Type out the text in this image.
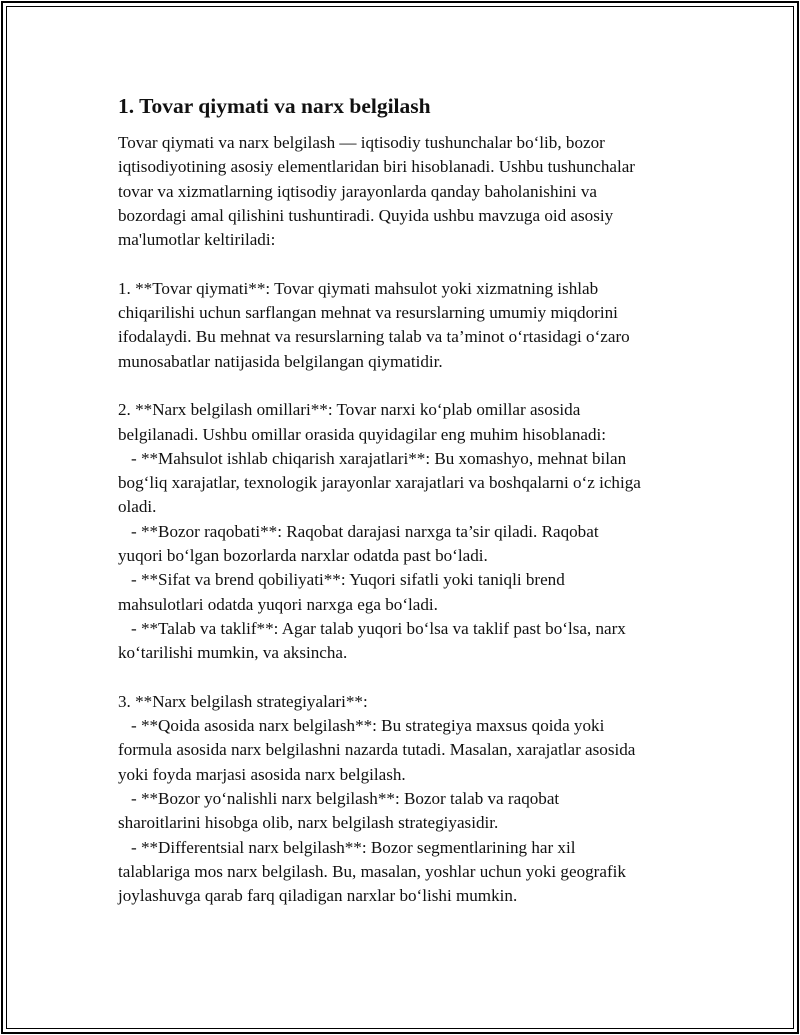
1. Tovar qiymati va narx belgilash
Tovar qiymati va narx belgilash — iqtisodiy tushunchalar bo‘lib, bozor
iqtisodiyotining asosiy elementlaridan biri hisoblanadi. Ushbu tushunchalar
tovar va xizmatlarning iqtisodiy jarayonlarda qanday baholanishini va
bozordagi amal qilishini tushuntiradi. Quyida ushbu mavzuga oid asosiy
ma'lumotlar keltiriladi:
1. **Tovar qiymati**: Tovar qiymati mahsulot yoki xizmatning ishlab
chiqarilishi uchun sarflangan mehnat va resurslarning umumiy miqdorini
ifodalaydi. Bu mehnat va resurslarning talab va ta’minot o‘rtasidagi o‘zaro
munosabatlar natijasida belgilangan qiymatidir.
2. **Narx belgilash omillari**: Tovar narxi ko‘plab omillar asosida
belgilanadi. Ushbu omillar orasida quyidagilar eng muhim hisoblanadi:
- **Mahsulot ishlab chiqarish xarajatlari**: Bu xomashyo, mehnat bilan
bog‘liq xarajatlar, texnologik jarayonlar xarajatlari va boshqalarni o‘z ichiga
oladi.
- **Bozor raqobati**: Raqobat darajasi narxga ta’sir qiladi. Raqobat
yuqori bo‘lgan bozorlarda narxlar odatda past bo‘ladi.
- **Sifat va brend qobiliyati**: Yuqori sifatli yoki taniqli brend
mahsulotlari odatda yuqori narxga ega bo‘ladi.
- **Talab va taklif**: Agar talab yuqori bo‘lsa va taklif past bo‘lsa, narx
ko‘tarilishi mumkin, va aksincha.
3. **Narx belgilash strategiyalari**:
- **Qoida asosida narx belgilash**: Bu strategiya maxsus qoida yoki
formula asosida narx belgilashni nazarda tutadi. Masalan, xarajatlar asosida
yoki foyda marjasi asosida narx belgilash.
- **Bozor yo‘nalishli narx belgilash**: Bozor talab va raqobat
sharoitlarini hisobga olib, narx belgilash strategiyasidir.
- **Differentsial narx belgilash**: Bozor segmentlarining har xil
talablariga mos narx belgilash. Bu, masalan, yoshlar uchun yoki geografik
joylashuvga qarab farq qiladigan narxlar bo‘lishi mumkin.
